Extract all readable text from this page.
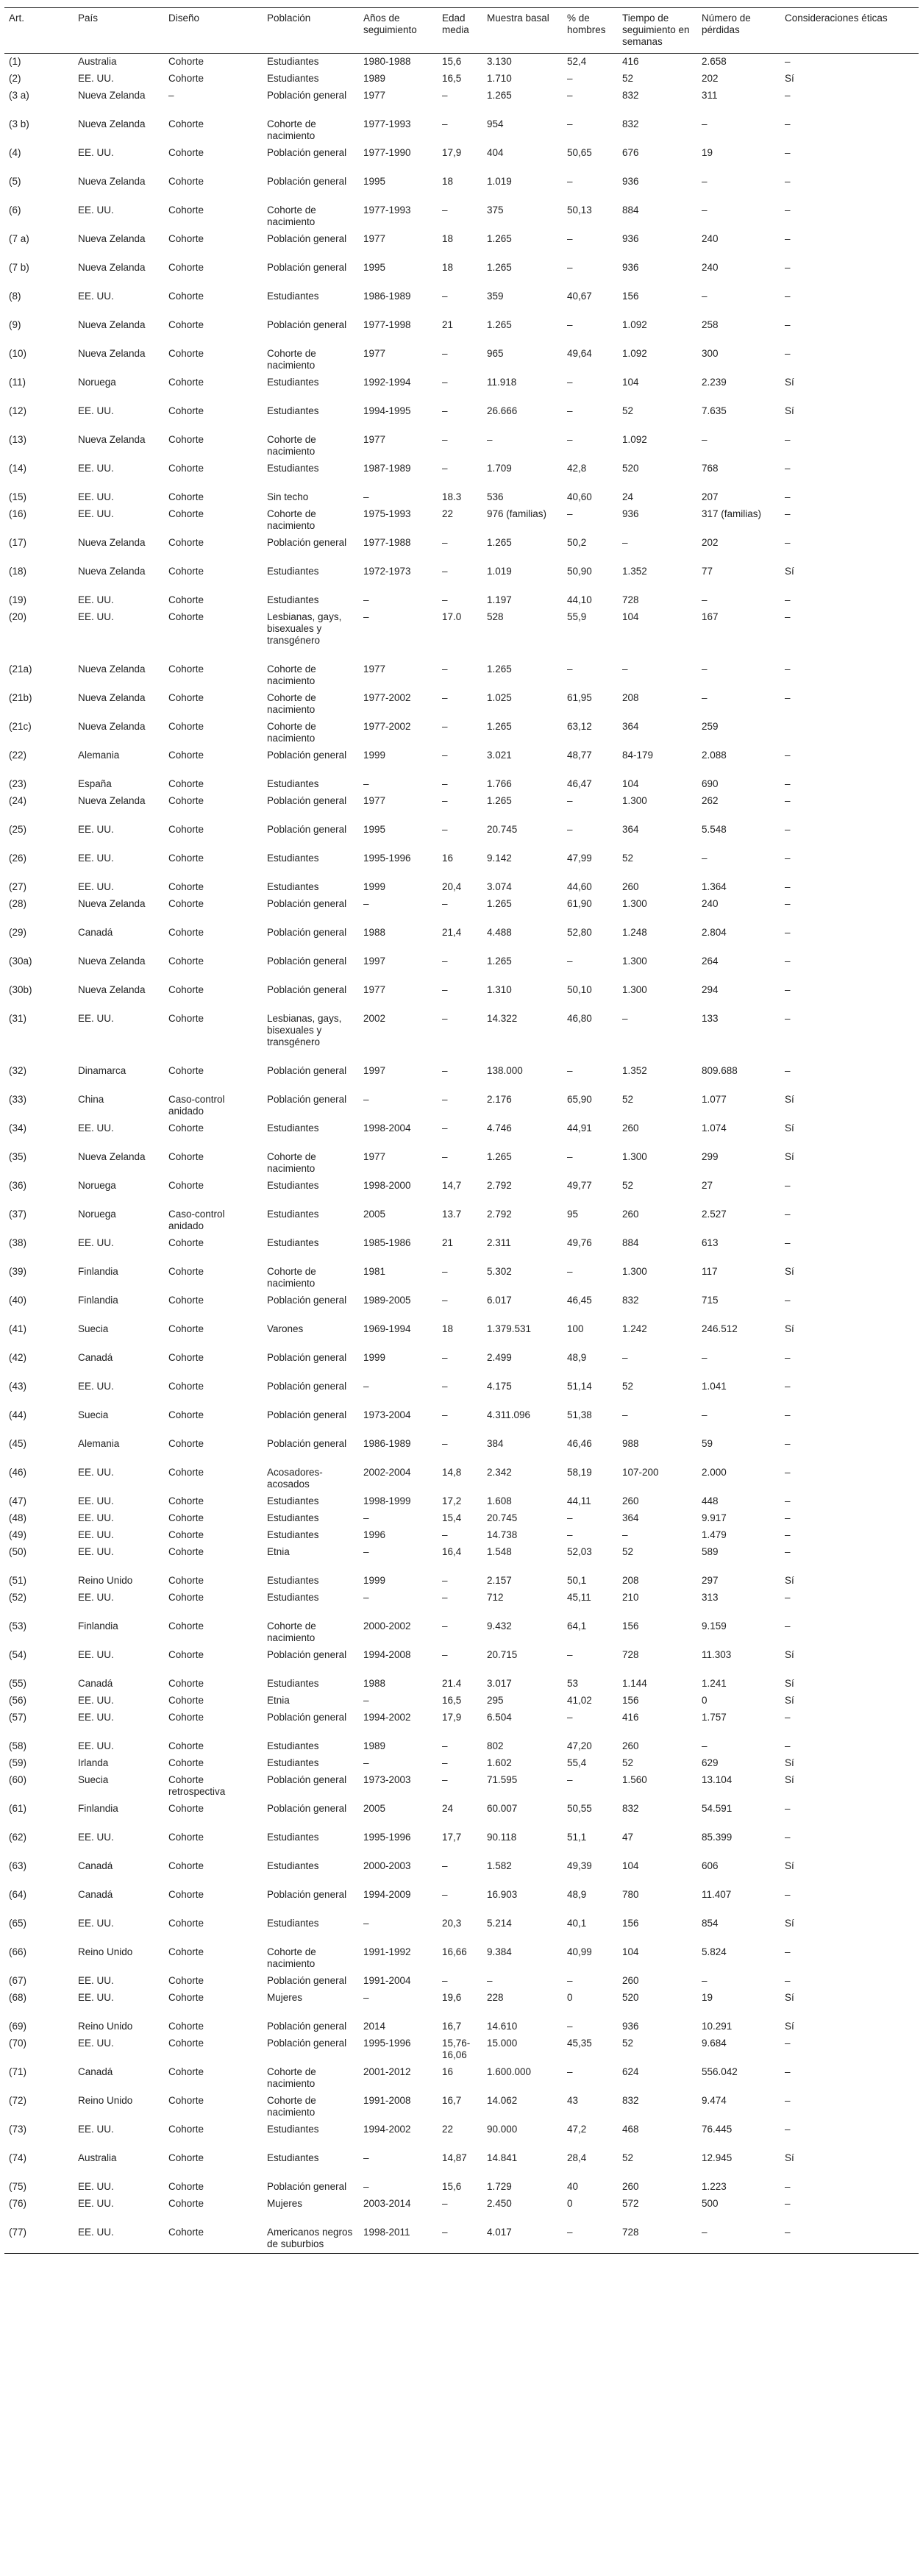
Art.	País	Diseño	Población	Años de seguimiento	Edad media	Muestra basal	% de hombres	Tiempo de seguimiento en semanas	Número de pérdidas	Consideraciones éticas
(1)	Australia	Cohorte	Estudiantes	1980-1988	15,6	3.130	52,4	416	2.658	–
(2)	EE. UU.	Cohorte	Estudiantes	1989	16,5	1.710	–	52	202	Sí
(3 a)	Nueva Zelanda	–	Población general	1977	–	1.265	–	832	311	–
(3 b)	Nueva Zelanda	Cohorte	Cohorte de nacimiento	1977-1993	–	954	–	832	–	–
(4)	EE. UU.	Cohorte	Población general	1977-1990	17,9	404	50,65	676	19	–
(5)	Nueva Zelanda	Cohorte	Población general	1995	18	1.019	–	936	–	–
(6)	EE. UU.	Cohorte	Cohorte de nacimiento	1977-1993	–	375	50,13	884	–	–
(7 a)	Nueva Zelanda	Cohorte	Población general	1977	18	1.265	–	936	240	–
(7 b)	Nueva Zelanda	Cohorte	Población general	1995	18	1.265	–	936	240	–
(8)	EE. UU.	Cohorte	Estudiantes	1986-1989	–	359	40,67	156	–	–
(9)	Nueva Zelanda	Cohorte	Población general	1977-1998	21	1.265	–	1.092	258	–
(10)	Nueva Zelanda	Cohorte	Cohorte de nacimiento	1977	–	965	49,64	1.092	300	–
(11)	Noruega	Cohorte	Estudiantes	1992-1994	–	11.918	–	104	2.239	Sí
(12)	EE. UU.	Cohorte	Estudiantes	1994-1995	–	26.666	–	52	7.635	Sí
(13)	Nueva Zelanda	Cohorte	Cohorte de nacimiento	1977	–	–	–	1.092	–	–
(14)	EE. UU.	Cohorte	Estudiantes	1987-1989	–	1.709	42,8	520	768	–
(15)	EE. UU.	Cohorte	Sin techo	–	18.3	536	40,60	24	207	–
(16)	EE. UU.	Cohorte	Cohorte de nacimiento	1975-1993	22	976 (familias)	–	936	317 (familias)	–
(17)	Nueva Zelanda	Cohorte	Población general	1977-1988	–	1.265	50,2	–	202	–
(18)	Nueva Zelanda	Cohorte	Estudiantes	1972-1973	–	1.019	50,90	1.352	77	Sí
(19)	EE. UU.	Cohorte	Estudiantes	–	–	1.197	44,10	728	–	–
(20)	EE. UU.	Cohorte	Lesbianas, gays, bisexuales y transgénero	–	17.0	528	55,9	104	167	–
(21a)	Nueva Zelanda	Cohorte	Cohorte de nacimiento	1977	–	1.265	–	–	–	–
(21b)	Nueva Zelanda	Cohorte	Cohorte de nacimiento	1977-2002	–	1.025	61,95	208	–	–
(21c)	Nueva Zelanda	Cohorte	Cohorte de nacimiento	1977-2002	–	1.265	63,12	364	259	
(22)	Alemania	Cohorte	Población general	1999	–	3.021	48,77	84-179	2.088	–
(23)	España	Cohorte	Estudiantes	–	–	1.766	46,47	104	690	–
(24)	Nueva Zelanda	Cohorte	Población general	1977	–	1.265	–	1.300	262	–
(25)	EE. UU.	Cohorte	Población general	1995	–	20.745	–	364	5.548	–
(26)	EE. UU.	Cohorte	Estudiantes	1995-1996	16	9.142	47,99	52	–	–
(27)	EE. UU.	Cohorte	Estudiantes	1999	20,4	3.074	44,60	260	1.364	–
(28)	Nueva Zelanda	Cohorte	Población general	–	–	1.265	61,90	1.300	240	–
(29)	Canadá	Cohorte	Población general	1988	21,4	4.488	52,80	1.248	2.804	–
(30a)	Nueva Zelanda	Cohorte	Población general	1997	–	1.265	–	1.300	264	–
(30b)	Nueva Zelanda	Cohorte	Población general	1977	–	1.310	50,10	1.300	294	–
(31)	EE. UU.	Cohorte	Lesbianas, gays, bisexuales y transgénero	2002	–	14.322	46,80	–	133	–
(32)	Dinamarca	Cohorte	Población general	1997	–	138.000	–	1.352	809.688	–
(33)	China	Caso-control anidado	Población general	–	–	2.176	65,90	52	1.077	Sí
(34)	EE. UU.	Cohorte	Estudiantes	1998-2004	–	4.746	44,91	260	1.074	Sí
(35)	Nueva Zelanda	Cohorte	Cohorte de nacimiento	1977	–	1.265	–	1.300	299	Sí
(36)	Noruega	Cohorte	Estudiantes	1998-2000	14,7	2.792	49,77	52	27	–
(37)	Noruega	Caso-control anidado	Estudiantes	2005	13.7	2.792	95	260	2.527	–
(38)	EE. UU.	Cohorte	Estudiantes	1985-1986	21	2.311	49,76	884	613	–
(39)	Finlandia	Cohorte	Cohorte de nacimiento	1981	–	5.302	–	1.300	117	Sí
(40)	Finlandia	Cohorte	Población general	1989-2005	–	6.017	46,45	832	715	–
(41)	Suecia	Cohorte	Varones	1969-1994	18	1.379.531	100	1.242	246.512	Sí
(42)	Canadá	Cohorte	Población general	1999	–	2.499	48,9	–	–	–
(43)	EE. UU.	Cohorte	Población general	–	–	4.175	51,14	52	1.041	–
(44)	Suecia	Cohorte	Población general	1973-2004	–	4.311.096	51,38	–	–	–
(45)	Alemania	Cohorte	Población general	1986-1989	–	384	46,46	988	59	–
(46)	EE. UU.	Cohorte	Acosadores-acosados	2002-2004	14,8	2.342	58,19	107-200	2.000	–
(47)	EE. UU.	Cohorte	Estudiantes	1998-1999	17,2	1.608	44,11	260	448	–
(48)	EE. UU.	Cohorte	Estudiantes	–	15,4	20.745	–	364	9.917	–
(49)	EE. UU.	Cohorte	Estudiantes	1996	–	14.738	–	–	1.479	–
(50)	EE. UU.	Cohorte	Etnia	–	16,4	1.548	52,03	52	589	–
(51)	Reino Unido	Cohorte	Estudiantes	1999	–	2.157	50,1	208	297	Sí
(52)	EE. UU.	Cohorte	Estudiantes	–	–	712	45,11	210	313	–
(53)	Finlandia	Cohorte	Cohorte de nacimiento	2000-2002	–	9.432	64,1	156	9.159	–
(54)	EE. UU.	Cohorte	Población general	1994-2008	–	20.715	–	728	11.303	Sí
(55)	Canadá	Cohorte	Estudiantes	1988	21.4	3.017	53	1.144	1.241	Sí
(56)	EE. UU.	Cohorte	Etnia	–	16,5	295	41,02	156	0	Sí
(57)	EE. UU.	Cohorte	Población general	1994-2002	17,9	6.504	–	416	1.757	–
(58)	EE. UU.	Cohorte	Estudiantes	1989	–	802	47,20	260	–	–
(59)	Irlanda	Cohorte	Estudiantes	–	–	1.602	55,4	52	629	Sí
(60)	Suecia	Cohorte retrospectiva	Población general	1973-2003	–	71.595	–	1.560	13.104	Sí
(61)	Finlandia	Cohorte	Población general	2005	24	60.007	50,55	832	54.591	–
(62)	EE. UU.	Cohorte	Estudiantes	1995-1996	17,7	90.118	51,1	47	85.399	–
(63)	Canadá	Cohorte	Estudiantes	2000-2003	–	1.582	49,39	104	606	Sí
(64)	Canadá	Cohorte	Población general	1994-2009	–	16.903	48,9	780	11.407	–
(65)	EE. UU.	Cohorte	Estudiantes	–	20,3	5.214	40,1	156	854	Sí
(66)	Reino Unido	Cohorte	Cohorte de nacimiento	1991-1992	16,66	9.384	40,99	104	5.824	–
(67)	EE. UU.	Cohorte	Población general	1991-2004	–	–	–	260	–	–
(68)	EE. UU.	Cohorte	Mujeres	–	19,6	228	0	520	19	Sí
(69)	Reino Unido	Cohorte	Población general	2014	16,7	14.610	–	936	10.291	Sí
(70)	EE. UU.	Cohorte	Población general	1995-1996	15,76-16,06	15.000	45,35	52	9.684	–
(71)	Canadá	Cohorte	Cohorte de nacimiento	2001-2012	16	1.600.000	–	624	556.042	–
(72)	Reino Unido	Cohorte	Cohorte de nacimiento	1991-2008	16,7	14.062	43	832	9.474	–
(73)	EE. UU.	Cohorte	Estudiantes	1994-2002	22	90.000	47,2	468	76.445	–
(74)	Australia	Cohorte	Estudiantes	–	14,87	14.841	28,4	52	12.945	Sí
(75)	EE. UU.	Cohorte	Población general	–	15,6	1.729	40	260	1.223	–
(76)	EE. UU.	Cohorte	Mujeres	2003-2014	–	2.450	0	572	500	–
(77)	EE. UU.	Cohorte	Americanos negros de suburbios	1998-2011	–	4.017	–	728	–	–
